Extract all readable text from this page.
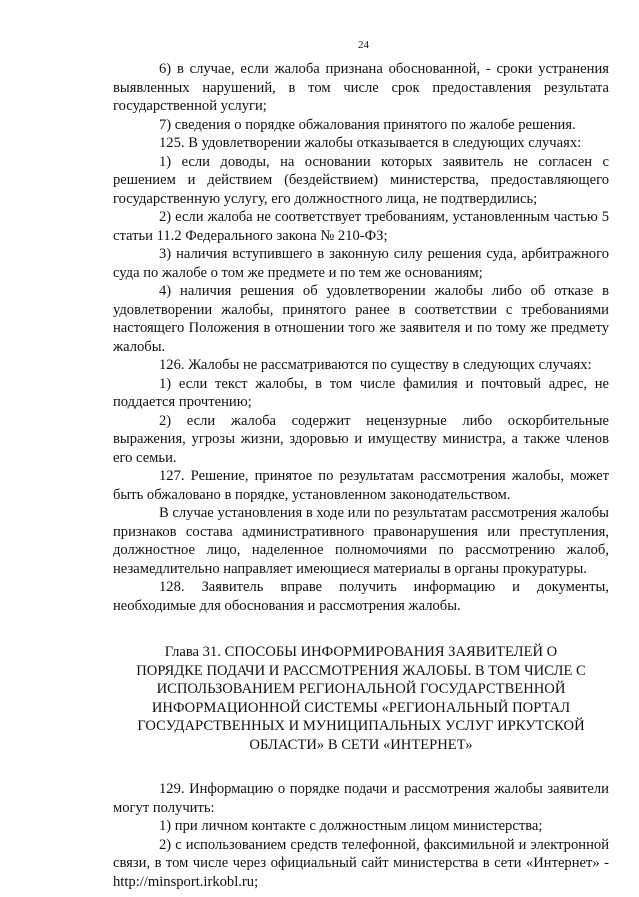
24

6) в случае, если жалоба признана обоснованной, - сроки устранения выявленных нарушений, в том числе срок предоставления результата государственной услуги;

7) сведения о порядке обжалования принятого по жалобе решения.

125. В удовлетворении жалобы отказывается в следующих случаях:

1) если доводы, на основании которых заявитель не согласен с решением и действием (бездействием) министерства, предоставляющего государственную услугу, его должностного лица, не подтвердились;

2) если жалоба не соответствует требованиям, установленным частью 5 статьи 11.2 Федерального закона № 210-ФЗ;

3) наличия вступившего в законную силу решения суда, арбитражного суда по жалобе о том же предмете и по тем же основаниям;

4) наличия решения об удовлетворении жалобы либо об отказе в удовлетворении жалобы, принятого ранее в соответствии с требованиями настоящего Положения в отношении того же заявителя и по тому же предмету жалобы.

126. Жалобы не рассматриваются по существу в следующих случаях:

1) если текст жалобы, в том числе фамилия и почтовый адрес, не поддается прочтению;

2) если жалоба содержит нецензурные либо оскорбительные выражения, угрозы жизни, здоровью и имуществу министра, а также членов его семьи.

127. Решение, принятое по результатам рассмотрения жалобы, может быть обжаловано в порядке, установленном законодательством.

В случае установления в ходе или по результатам рассмотрения жалобы признаков состава административного правонарушения или преступления, должностное лицо, наделенное полномочиями по рассмотрению жалоб, незамедлительно направляет имеющиеся материалы в органы прокуратуры.

128. Заявитель вправе получить информацию и документы, необходимые для обоснования и рассмотрения жалобы.

Глава 31. СПОСОБЫ ИНФОРМИРОВАНИЯ ЗАЯВИТЕЛЕЙ О
ПОРЯДКЕ ПОДАЧИ И РАССМОТРЕНИЯ ЖАЛОБЫ. В ТОМ ЧИСЛЕ С
ИСПОЛЬЗОВАНИЕМ РЕГИОНАЛЬНОЙ ГОСУДАРСТВЕННОЙ
ИНФОРМАЦИОННОЙ СИСТЕМЫ «РЕГИОНАЛЬНЫЙ ПОРТАЛ
ГОСУДАРСТВЕННЫХ И МУНИЦИПАЛЬНЫХ УСЛУГ ИРКУТСКОЙ
ОБЛАСТИ» В СЕТИ «ИНТЕРНЕТ»

129. Информацию о порядке подачи и рассмотрения жалобы заявители могут получить:

1) при личном контакте с должностным лицом министерства;

2) с использованием средств телефонной, факсимильной и электронной связи, в том числе через официальный сайт министерства в сети «Интернет» - http://minsport.irkobl.ru;
